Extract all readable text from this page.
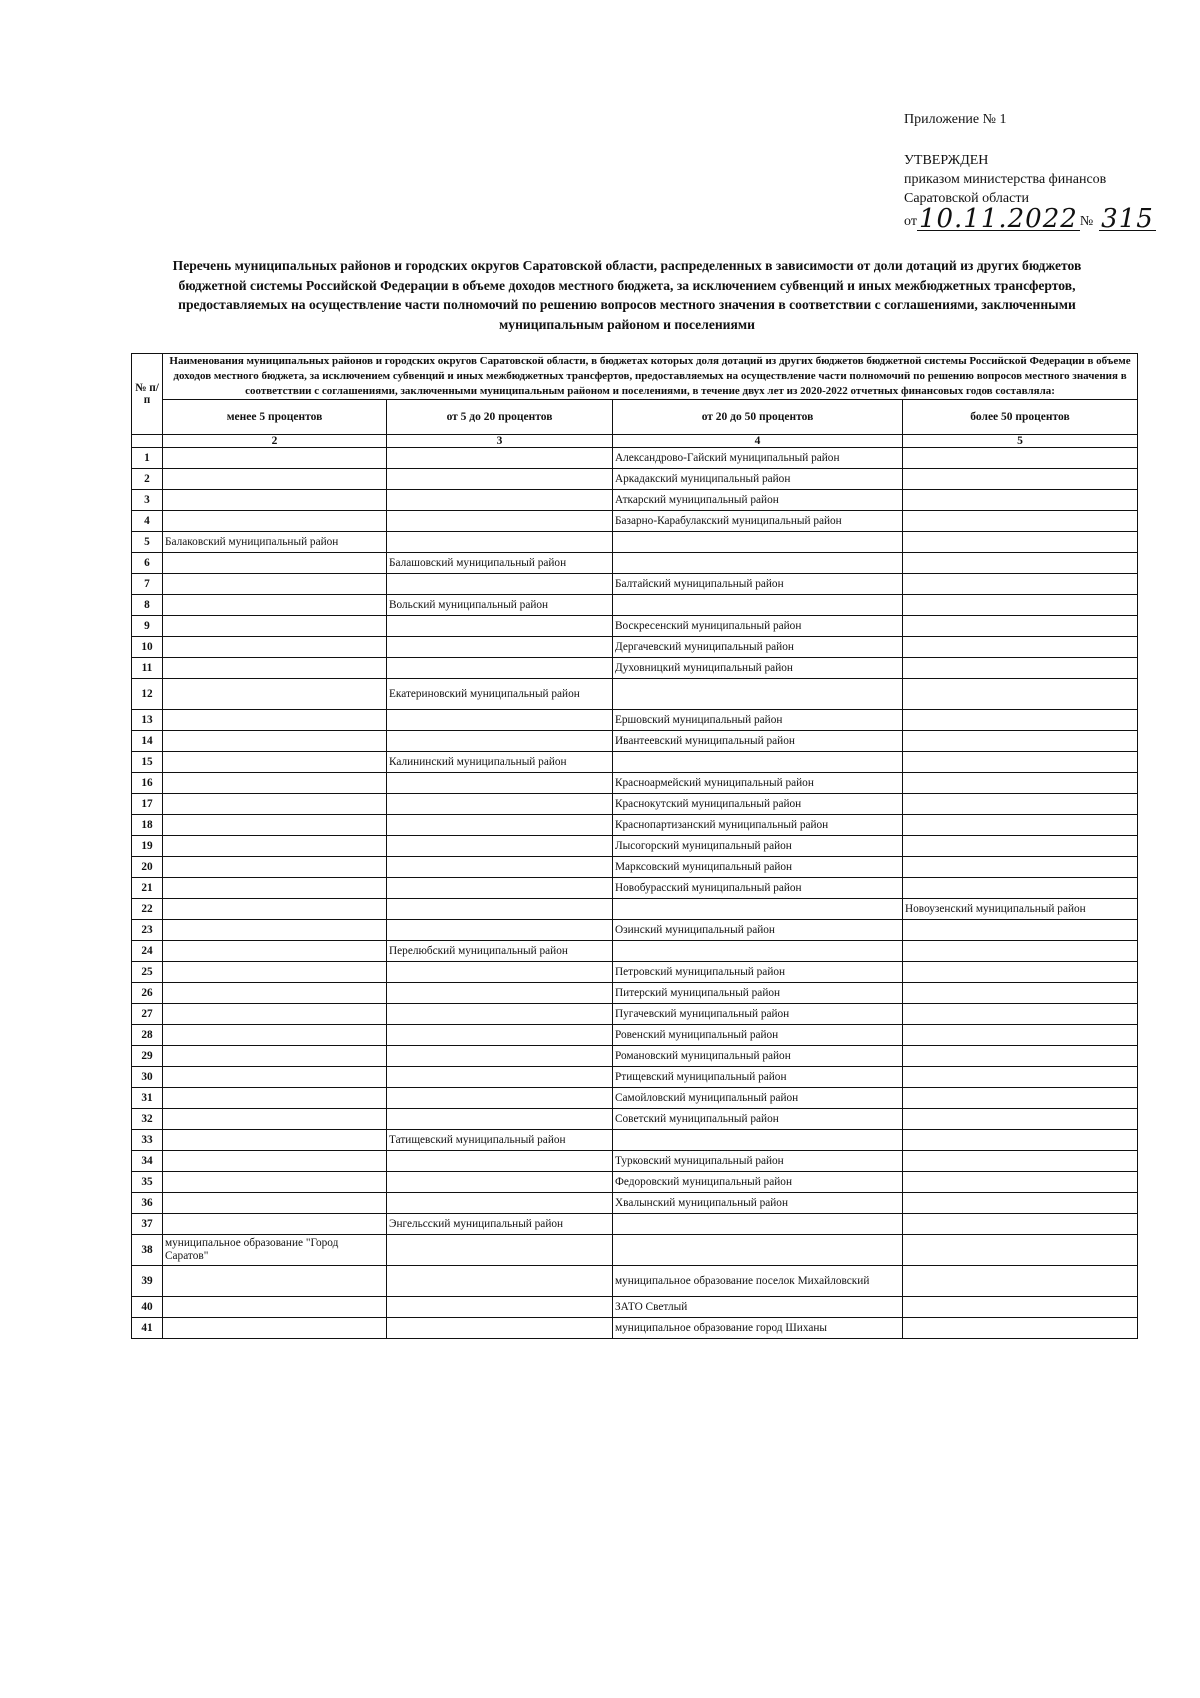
Приложение № 1
УТВЕРЖДЕН
приказом министерства финансов
Саратовской области
от 10.11.2022 № 315
Перечень муниципальных районов и городских округов Саратовской области, распределенных в зависимости от доли дотаций из других бюджетов бюджетной системы Российской Федерации в объеме доходов местного бюджета, за исключением субвенций и иных межбюджетных трансфертов, предоставляемых на осуществление части полномочий по решению вопросов местного значения в соответствии с соглашениями, заключенными муниципальным районом и поселениями
№ п/п	Наименования муниципальных районов и городских округов Саратовской области, в бюджетах которых доля дотаций из других бюджетов бюджетной системы Российской Федерации в объеме доходов местного бюджета, за исключением субвенций и иных межбюджетных трансфертов, предоставляемых на осуществление части полномочий по решению вопросов местного значения в соответствии с соглашениями, заключенными муниципальным районом и поселениями, в течение двух лет из 2020-2022 отчетных финансовых годов составляла:			
	менее 5 процентов	от 5 до 20 процентов	от 20 до 50 процентов	более 50 процентов
	2	3	4	5
1			Александрово-Гайский муниципальный район	
2			Аркадакский муниципальный район	
3			Аткарский муниципальный район	
4			Базарно-Карабулакский муниципальный район	
5	Балаковский муниципальный район			
6		Балашовский муниципальный район		
7			Балтайский муниципальный район	
8		Вольский муниципальный район		
9			Воскресенский муниципальный район	
10			Дергачевский муниципальный район	
11			Духовницкий муниципальный район	
12		Екатериновский муниципальный район		
13			Ершовский муниципальный район	
14			Ивантеевский муниципальный район	
15		Калининский муниципальный район		
16			Красноармейский муниципальный район	
17			Краснокутский муниципальный район	
18			Краснопартизанский муниципальный район	
19			Лысогорский муниципальный район	
20			Марксовский муниципальный район	
21			Новобурасский муниципальный район	
22				Новоузенский муниципальный район
23			Озинский муниципальный район	
24		Перелюбский муниципальный район		
25			Петровский муниципальный район	
26			Питерский муниципальный район	
27			Пугачевский муниципальный район	
28			Ровенский муниципальный район	
29			Романовский муниципальный район	
30			Ртищевский муниципальный район	
31			Самойловский муниципальный район	
32			Советский муниципальный район	
33		Татищевский муниципальный район		
34			Турковский муниципальный район	
35			Федоровский муниципальный район	
36			Хвалынский муниципальный район	
37		Энгельсский муниципальный район		
38	муниципальное образование "Город Саратов"			
39			муниципальное образование поселок Михайловский	
40			ЗАТО Светлый	
41			муниципальное образование город Шиханы	
